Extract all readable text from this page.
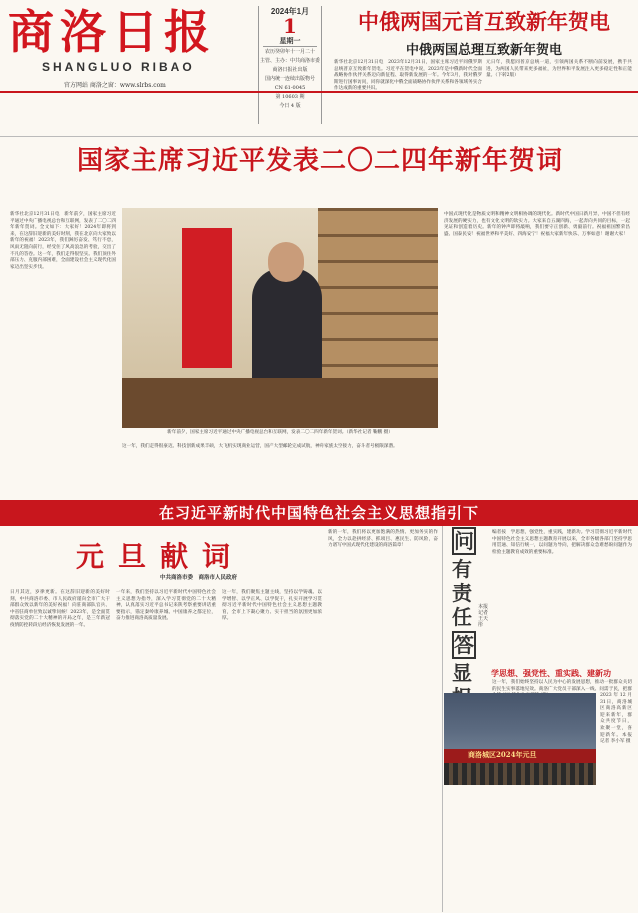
商洛日报
SHANGLUO RIBAO
2024年1月
1
星期一
农历癸卯年十一月二十
主管、主办：中共商洛市委
商洛日报社出版
国内统一连续出版物号
CN 61-0045
第 10603 期
今日 4 版
官方网站 商洛之窗：www.slrbs.com
中俄两国元首互致新年贺电
中俄两国总理互致新年贺电
新华社北京12月31日电　2023年12月31日，国家主席习近平同俄罗斯总统普京互致新年贺电。习近平在贺电中说，2023年是中俄新时代全面战略协作伙伴关系迈向新征程、取得新发展的一年。今年3月，我对俄罗斯进行国事访问，同你就深化中俄全面战略协作伙伴关系和各领域务实合作达成新的重要共识。
元日年，我愿同普京总统一道，引领两国关系不断向前发展，携手共进，为两国人民带来更多福祉，为世界和平发展注入更多稳定性和正能量。（下转2版）
国家主席习近平发表二〇二四年新年贺词
新华社北京12月31日电　新年前夕，国家主席习近平通过中央广播电视总台和互联网，发表了二〇二四年新年贺词。全文如下：大家好！2024年即将到来，在这辞旧迎新的美好时刻，我在北京向大家致以新年的祝福！2023年，我们踔厉奋发、笃行不怠，风雨无阻向前行，经受住了风高浪急的考验，交出了不凡的答卷。这一年，我们走得很坚实。我们顶住外部压力、克服内部困难，全面建设社会主义现代化国家迈出坚实步伐。
中国式现代化是物质文明和精神文明相协调的现代化。新时代中国日新月异，中国不但有经济发展的硬实力，也有文化文明的软实力。大家来自五湖四海，一起奔向共同的目标，一起见证和创造着历史。新年的钟声即将敲响，我们要守正创新、勇毅前行。祝福祖国繁荣昌盛、国泰民安！祝福世界和平美好、四海安宁！祝福大家新年快乐、万事如意！谢谢大家！
新年前夕，国家主席习近平通过中央广播电视总台和互联网，发表二〇二四年新年贺词。（新华社记者 鞠鹏 摄）
这一年，我们走得很豪迈。科技创新成果丰硕，大飞机实现商业运营，国产大型邮轮完成试航，神舟家族太空接力，奋斗者号极限深潜。
在习近平新时代中国特色社会主义思想指引下
元旦献词
中共商洛市委　商洛市人民政府
日月其迈，岁律更新。在这辞旧迎新的美好时刻，中共商洛市委、市人民政府谨向全市广大干部群众致以新年的美好祝福！向驻商部队官兵、中省驻商单位致以诚挚问候！2023年，是全面贯彻落实党的二十大精神的开局之年，是三年新冠疫情防控转段后经济恢复发展的一年。
一年来，我们坚持以习近平新时代中国特色社会主义思想为指导，深入学习贯彻党的二十大精神，认真落实习近平总书记来陕考察重要讲话重要指示，锚定秦岭康养城、中国康养之都定位，奋力推进商洛高质量发展。
这一年，我们聚焦主题主线，坚持以学铸魂、以学增智、以学正风、以学促干，扎实开展学习贯彻习近平新时代中国特色社会主义思想主题教育，全市上下凝心聚力、实干担当的氛围更加浓厚。
新的一年，我们将以更加饱满的热情、更加务实的作风，全力以赴拼经济、抓项目、惠民生、防风险，奋力谱写中国式现代化建设的商洛篇章！	问
有责任
答
显
本报记者 王天彤
编者按　学思想，强党性，重实践，建新功。学习贯彻习近平新时代中国特色社会主义思想主题教育开展以来，全市各级各部门坚持学思用贯通、知信行统一，以问题为导向，把解决群众急难愁盼问题作为检验主题教育成效的重要标准。
学思想、强党性、重实践、建新功
这一年，我们始终坚持以人民为中心的发展思想，推动一批群众关切的民生实事落地见效。商洛广大党员干部深入一线、问需于民，把群
商洛城区2024年元旦
2023年12月31日，商洛城区商洛高新区迎来新年，群众共度节日，欢聚一堂，喜迎新年。本报记者 李小军 摄
